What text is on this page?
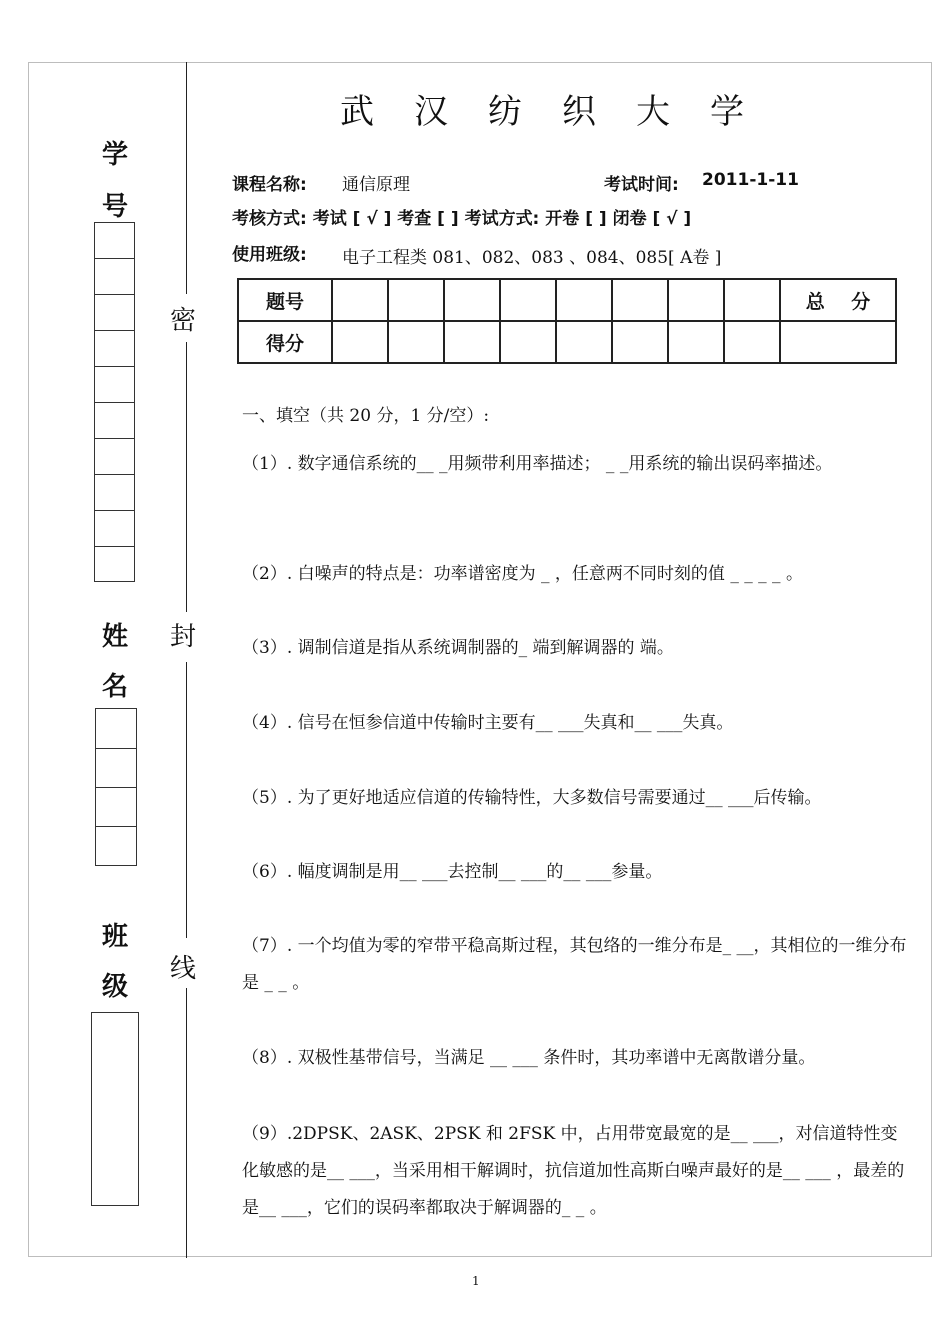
密
封
线
学
号
姓
名
班
级
武汉纺织大学
课程名称: 通信原理	考试时间: 2011-1-11
考核方式: 考试 [ √ ] 考查 [ ] 考试方式: 开卷 [ ] 闭卷 [ √ ]
使用班级: 电子工程类 081、082、083 、084、085[ A卷 ]
题号									总    分
得分									
一、填空（共 20 分，1 分/空）:
（1）. 数字通信系统的__ _用频带利用率描述； _ _用系统的输出误码率描述。
（2）. 白噪声的特点是：功率谱密度为 _ ，任意两不同时刻的值 _ _ _ _ 。
（3）. 调制信道是指从系统调制器的_ 端到解调器的 端。
（4）. 信号在恒参信道中传输时主要有__ ___失真和__ ___失真。
（5）. 为了更好地适应信道的传输特性，大多数信号需要通过__ ___后传输。
（6）. 幅度调制是用__ ___去控制__ ___的__ ___参量。
（7）. 一个均值为零的窄带平稳高斯过程，其包络的一维分布是_ __，其相位的一维分布是 _ _ 。
（8）. 双极性基带信号，当满足 __ ___ 条件时，其功率谱中无离散谱分量。
（9）.2DPSK、2ASK、2PSK 和 2FSK 中，占用带宽最宽的是__ ___，对信道特性变化敏感的是__ ___，当采用相干解调时，抗信道加性高斯白噪声最好的是__ ___ ，最差的是__ ___，它们的误码率都取决于解调器的_ _ 。
1
